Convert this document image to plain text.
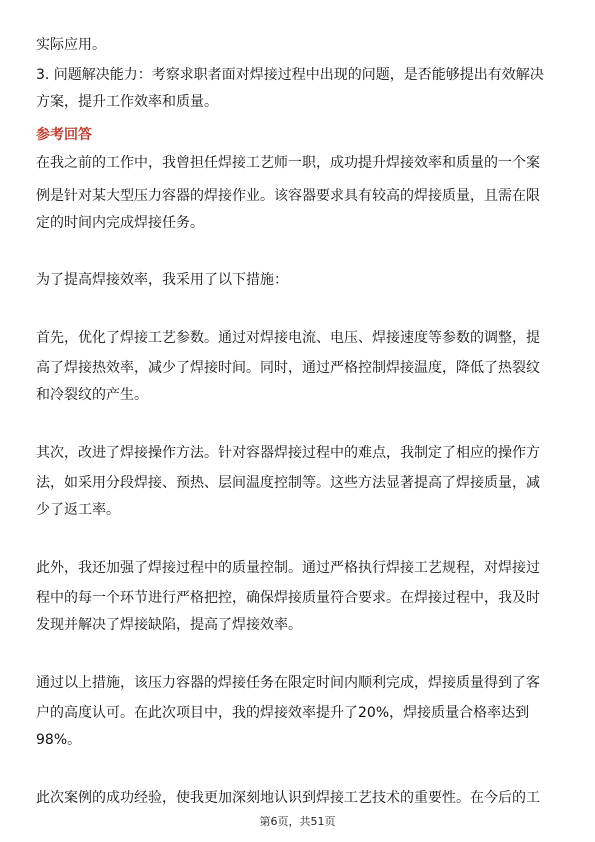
实际应用。
3. 问题解决能力：考察求职者面对焊接过程中出现的问题，是否能够提出有效解决
方案，提升工作效率和质量。
参考回答
在我之前的工作中，我曾担任焊接工艺师一职，成功提升焊接效率和质量的一个案
例是针对某大型压力容器的焊接作业。该容器要求具有较高的焊接质量，且需在限
定的时间内完成焊接任务。
为了提高焊接效率，我采用了以下措施：
首先，优化了焊接工艺参数。通过对焊接电流、电压、焊接速度等参数的调整，提
高了焊接热效率，减少了焊接时间。同时，通过严格控制焊接温度，降低了热裂纹
和冷裂纹的产生。
其次，改进了焊接操作方法。针对容器焊接过程中的难点，我制定了相应的操作方
法，如采用分段焊接、预热、层间温度控制等。这些方法显著提高了焊接质量，减
少了返工率。
此外，我还加强了焊接过程中的质量控制。通过严格执行焊接工艺规程，对焊接过
程中的每一个环节进行严格把控，确保焊接质量符合要求。在焊接过程中，我及时
发现并解决了焊接缺陷，提高了焊接效率。
通过以上措施，该压力容器的焊接任务在限定时间内顺利完成，焊接质量得到了客
户的高度认可。在此次项目中，我的焊接效率提升了20%，焊接质量合格率达到
98%。
此次案例的成功经验，使我更加深刻地认识到焊接工艺技术的重要性。在今后的工
第6页，共51页
